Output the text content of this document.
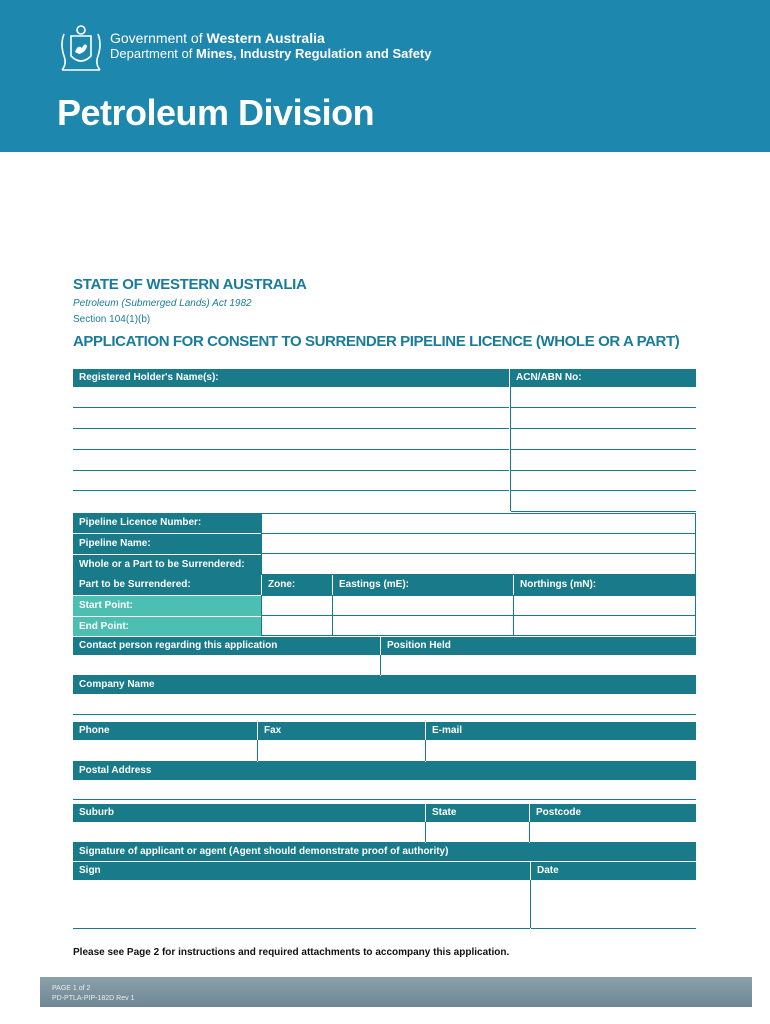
Government of Western Australia
Department of Mines, Industry Regulation and Safety
Petroleum Division
STATE OF WESTERN AUSTRALIA
Petroleum (Submerged Lands) Act 1982
Section 104(1)(b)
APPLICATION FOR CONSENT TO SURRENDER PIPELINE LICENCE (WHOLE OR A PART)
Registered Holder's Name(s):	ACN/ABN No:
Pipeline Licence Number:
Pipeline Name:
Whole or a Part to be Surrendered:
Part to be Surrendered:	Zone:	Eastings (mE):	Northings (mN):
Start Point:
End Point:
Contact person regarding this application	Position Held
Company Name
Phone	Fax	E-mail
Postal Address
Suburb	State	Postcode
Signature of applicant or agent (Agent should demonstrate proof of authority)
Sign	Date
Please see Page 2 for instructions and required attachments to accompany this application.
PAGE 1 of 2
PD-PTLA-PIP-182D Rev 1
